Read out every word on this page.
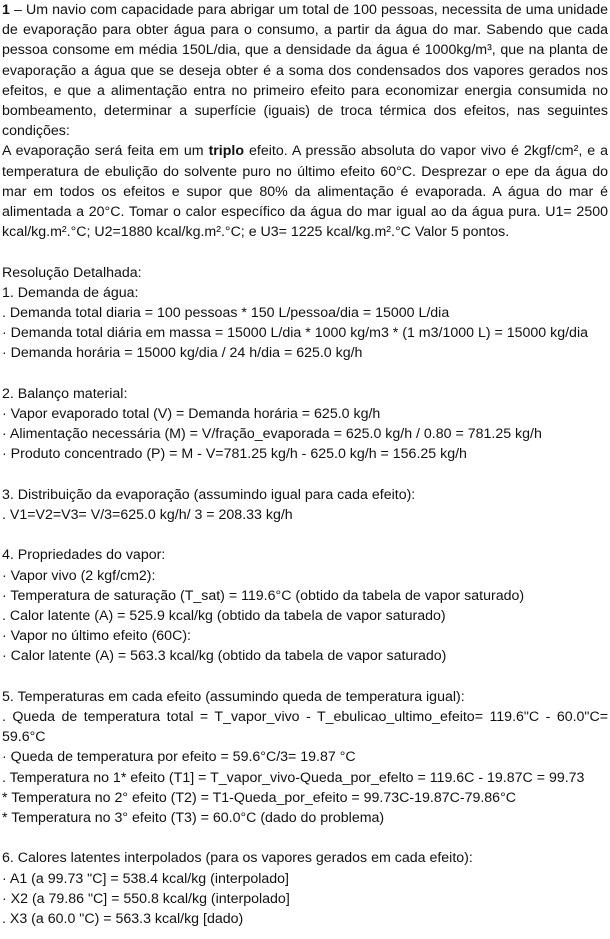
1 – Um navio com capacidade para abrigar um total de 100 pessoas, necessita de uma unidade de evaporação para obter água para o consumo, a partir da água do mar. Sabendo que cada pessoa consome em média 150L/dia, que a densidade da água é 1000kg/m³, que na planta de evaporação a água que se deseja obter é a soma dos condensados dos vapores gerados nos efeitos, e que a alimentação entra no primeiro efeito para economizar energia consumida no bombeamento, determinar a superfície (iguais) de troca térmica dos efeitos, nas seguintes condições:

A evaporação será feita em um triplo efeito. A pressão absoluta do vapor vivo é 2kgf/cm², e a temperatura de ebulição do solvente puro no último efeito 60°C. Desprezar o epe da água do mar em todos os efeitos e supor que 80% da alimentação é evaporada. A água do mar é alimentada a 20°C. Tomar o calor específico da água do mar igual ao da água pura. U1= 2500 kcal/kg.m².°C; U2=1880 kcal/kg.m².°C; e U3= 1225 kcal/kg.m².°C Valor 5 pontos.

Resolução Detalhada:

1. Demanda de água:

. Demanda total diaria = 100 pessoas * 150 L/pessoa/dia = 15000 L/dia

· Demanda total diária em massa = 15000 L/dia * 1000 kg/m3 * (1 m3/1000 L) = 15000 kg/dia

· Demanda horária = 15000 kg/dia / 24 h/dia = 625.0 kg/h

2. Balanço material:

· Vapor evaporado total (V) = Demanda horária = 625.0 kg/h

· Alimentação necessária (M) = V/fração_evaporada = 625.0 kg/h / 0.80 = 781.25 kg/h

· Produto concentrado (P) = M - V=781.25 kg/h - 625.0 kg/h = 156.25 kg/h

3. Distribuição da evaporação (assumindo igual para cada efeito):

. V1=V2=V3= V/3=625.0 kg/h/ 3 = 208.33 kg/h

4. Propriedades do vapor:

· Vapor vivo (2 kgf/cm2):

· Temperatura de saturação (T_sat) = 119.6°C (obtido da tabela de vapor saturado)

. Calor latente (A) = 525.9 kcal/kg (obtido da tabela de vapor saturado)

· Vapor no último efeito (60C):

· Calor latente (A) = 563.3 kcal/kg (obtido da tabela de vapor saturado)

5. Temperaturas em cada efeito (assumindo queda de temperatura igual):

. Queda de temperatura total = T_vapor_vivo - T_ebulicao_ultimo_efeito= 119.6"C - 60.0"C= 59.6°C

· Queda de temperatura por efeito = 59.6°C/3= 19.87 °C

. Temperatura no 1* efeito (T1] = T_vapor_vivo-Queda_por_efelto = 119.6C - 19.87C = 99.73

* Temperatura no 2° efeito (T2) = T1-Queda_por_efeito = 99.73C-19.87C-79.86°C

* Temperatura no 3° efeito (T3) = 60.0°C (dado do problema)

6. Calores latentes interpolados (para os vapores gerados em cada efeito):

· A1 (a 99.73 "C] = 538.4 kcal/kg (interpolado]

· X2 (a 79.86 "C] = 550.8 kcal/kg (interpolado]

. X3 (a 60.0 "C) = 563.3 kcal/kg [dado)
